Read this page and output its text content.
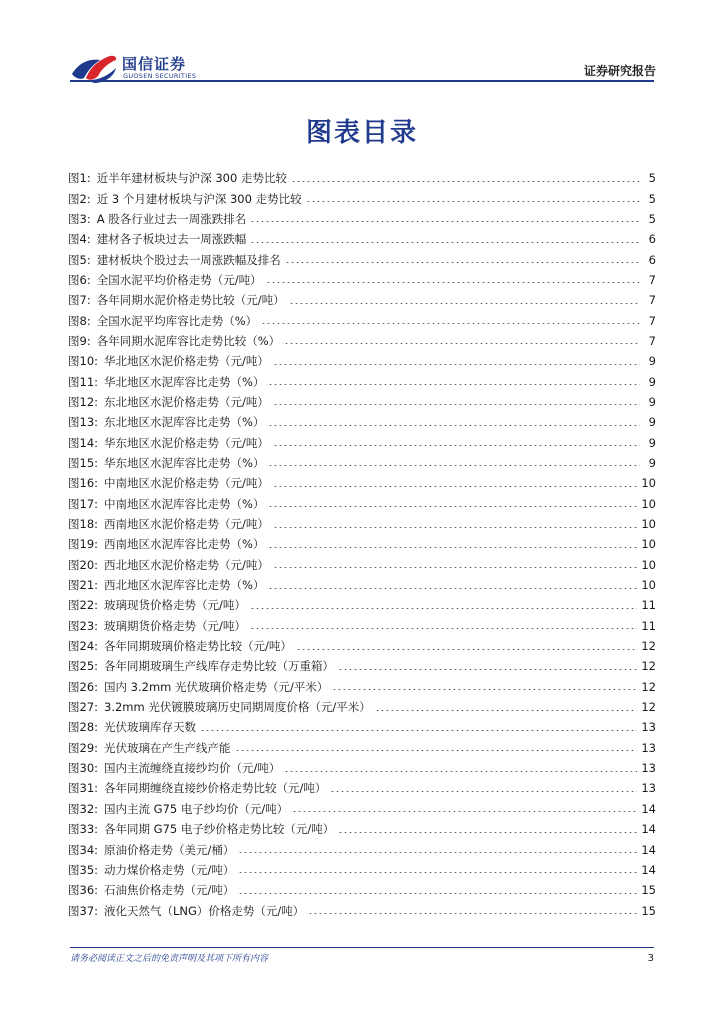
国信证券
GUOSEN SECURITIES	证券研究报告
图表目录
图1: 近半年建材板块与沪深 300 走势比较	5
图2: 近 3 个月建材板块与沪深 300 走势比较	5
图3: A 股各行业过去一周涨跌排名	5
图4: 建材各子板块过去一周涨跌幅	6
图5: 建材板块个股过去一周涨跌幅及排名	6
图6: 全国水泥平均价格走势（元/吨）	7
图7: 各年同期水泥价格走势比较（元/吨）	7
图8: 全国水泥平均库容比走势（%）	7
图9: 各年同期水泥库容比走势比较（%）	7
图10: 华北地区水泥价格走势（元/吨）	9
图11: 华北地区水泥库容比走势（%）	9
图12: 东北地区水泥价格走势（元/吨）	9
图13: 东北地区水泥库容比走势（%）	9
图14: 华东地区水泥价格走势（元/吨）	9
图15: 华东地区水泥库容比走势（%）	9
图16: 中南地区水泥价格走势（元/吨）	10
图17: 中南地区水泥库容比走势（%）	10
图18: 西南地区水泥价格走势（元/吨）	10
图19: 西南地区水泥库容比走势（%）	10
图20: 西北地区水泥价格走势（元/吨）	10
图21: 西北地区水泥库容比走势（%）	10
图22: 玻璃现货价格走势（元/吨）	11
图23: 玻璃期货价格走势（元/吨）	11
图24: 各年同期玻璃价格走势比较（元/吨）	12
图25: 各年同期玻璃生产线库存走势比较（万重箱）	12
图26: 国内 3.2mm 光伏玻璃价格走势（元/平米）	12
图27: 3.2mm 光伏镀膜玻璃历史同期周度价格（元/平米）	12
图28: 光伏玻璃库存天数	13
图29: 光伏玻璃在产生产线产能	13
图30: 国内主流缠绕直接纱均价（元/吨）	13
图31: 各年同期缠绕直接纱价格走势比较（元/吨）	13
图32: 国内主流 G75 电子纱均价（元/吨）	14
图33: 各年同期 G75 电子纱价格走势比较（元/吨）	14
图34: 原油价格走势（美元/桶）	14
图35: 动力煤价格走势（元/吨）	14
图36: 石油焦价格走势（元/吨）	15
图37: 液化天然气（LNG）价格走势（元/吨）	15
请务必阅读正文之后的免责声明及其项下所有内容	3
